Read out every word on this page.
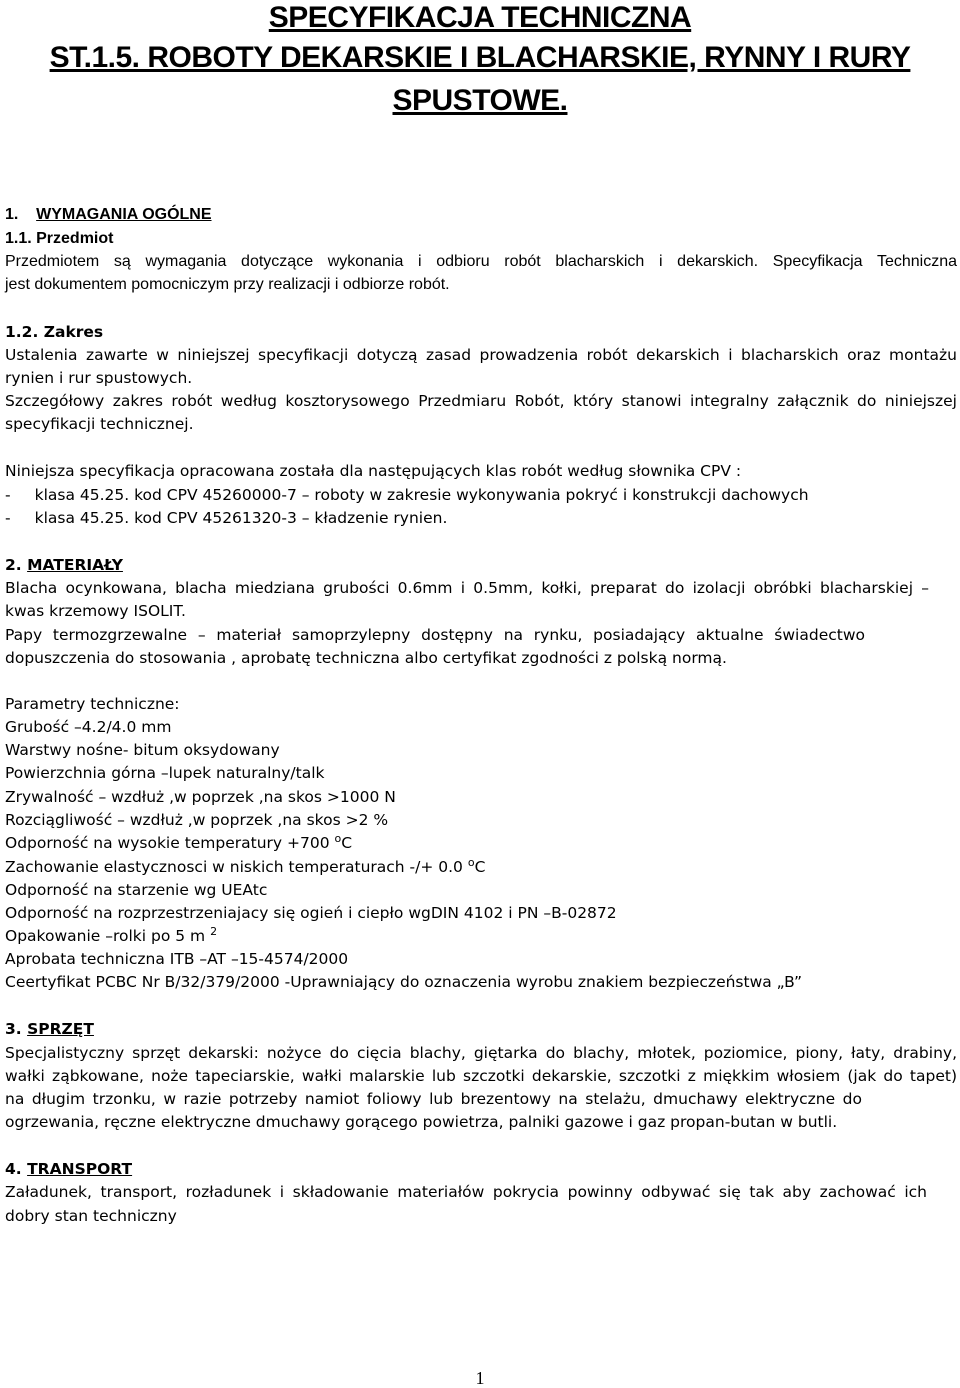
SPECYFIKACJA TECHNICZNA
ST.1.5. ROBOTY DEKARSKIE I BLACHARSKIE, RYNNY I RURY
SPUSTOWE.
1. WYMAGANIA OGÓLNE
1.1. Przedmiot
Przedmiotem są wymagania dotyczące wykonania i odbioru robót blacharskich i dekarskich. Specyfikacja Techniczna
jest dokumentem pomocniczym przy realizacji i odbiorze robót.
1.2. Zakres
Ustalenia zawarte w niniejszej specyfikacji dotyczą zasad prowadzenia robót dekarskich i blacharskich oraz montażu
rynien i rur spustowych.
Szczegółowy zakres robót według kosztorysowego Przedmiaru Robót, który stanowi integralny załącznik do niniejszej
specyfikacji technicznej.
Niniejsza specyfikacja opracowana została dla następujących klas robót według słownika CPV :
- klasa 45.25. kod CPV 45260000-7 – roboty w zakresie wykonywania pokryć i konstrukcji dachowych
- klasa 45.25. kod CPV 45261320-3 – kładzenie rynien.
2. MATERIAŁY
Blacha ocynkowana, blacha miedziana grubości 0.6mm i 0.5mm, kołki, preparat do izolacji obróbki blacharskiej –
kwas krzemowy ISOLIT.
Papy termozgrzewalne – materiał samoprzylepny dostępny na rynku, posiadający aktualne świadectwo
dopuszczenia do stosowania , aprobatę techniczna albo certyfikat zgodności z polską normą.
Parametry techniczne:
Grubość –4.2/4.0 mm
Warstwy nośne- bitum oksydowany
Powierzchnia górna –lupek naturalny/talk
Zrywalność – wzdłuż ,w poprzek ,na skos >1000 N
Rozciągliwość – wzdłuż ,w poprzek ,na skos >2 %
Odporność na wysokie temperatury +700 $^o$C
Zachowanie elastycznosci w niskich temperaturach -/+ 0.0 $^o$C
Odporność na starzenie wg UEAtc
Odporność na rozprzestrzeniajacy się ogień i ciepło wgDIN 4102 i PN –B-02872
Opakowanie –rolki po 5 m $^2$
Aprobata techniczna ITB –AT –15-4574/2000
Ceertyfikat PCBC Nr B/32/379/2000 -Uprawniający do oznaczenia wyrobu znakiem bezpieczeństwa „B”
3. SPRZĘT
Specjalistyczny sprzęt dekarski: nożyce do cięcia blachy, giętarka do blachy, młotek, poziomice, piony, łaty, drabiny,
wałki ząbkowane, noże tapeciarskie, wałki malarskie lub szczotki dekarskie, szczotki z miękkim włosiem (jak do tapet)
na długim trzonku, w razie potrzeby namiot foliowy lub brezentowy na stelażu, dmuchawy elektryczne do
ogrzewania, ręczne elektryczne dmuchawy gorącego powietrza, palniki gazowe i gaz propan-butan w butli.
4. TRANSPORT
Załadunek, transport, rozładunek i składowanie materiałów pokrycia powinny odbywać się tak aby zachować ich
dobry stan techniczny
1
